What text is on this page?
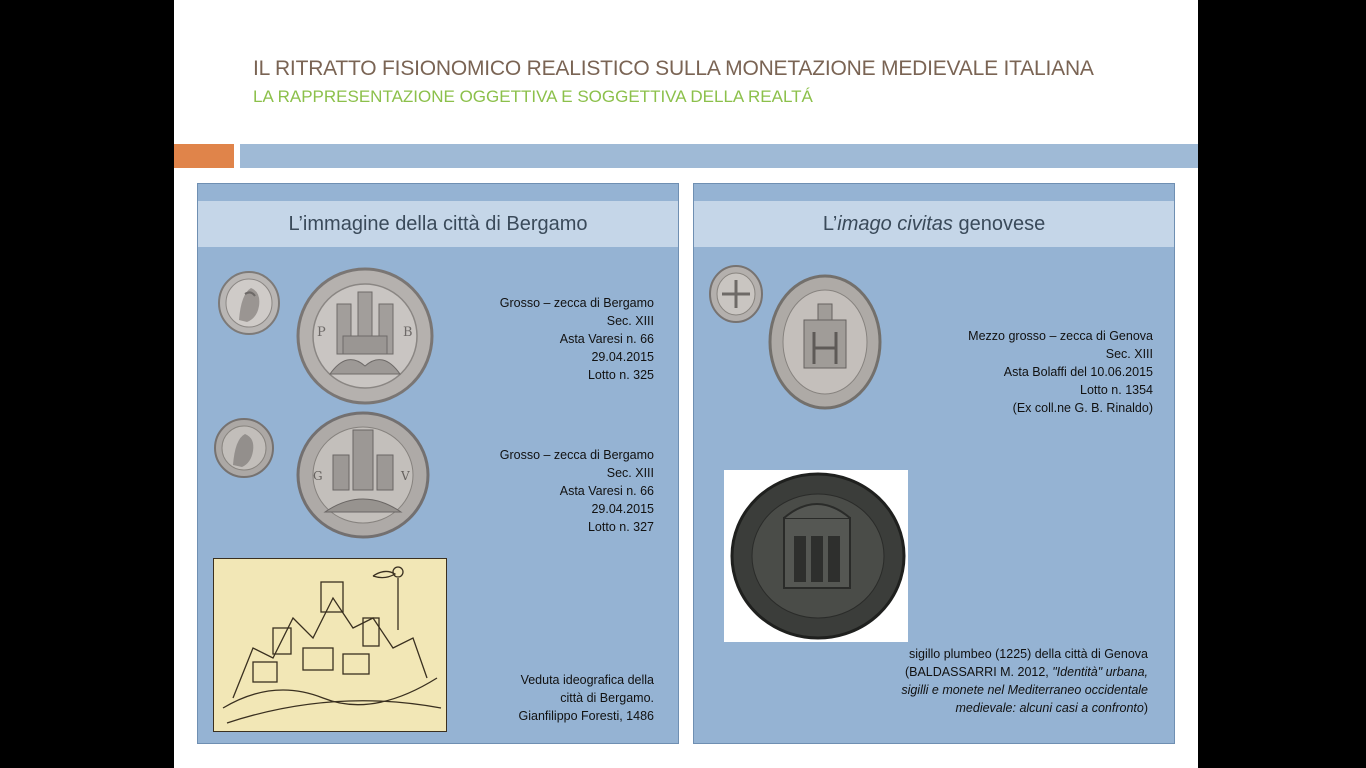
IL RITRATTO FISIONOMICO REALISTICO SULLA MONETAZIONE MEDIEVALE ITALIANA
LA RAPPRESENTAZIONE OGGETTIVA E SOGGETTIVA DELLA REALTÁ
L’immagine della città di Bergamo
P	B
Grosso – zecca di Bergamo
Sec. XIII
Asta Varesi n. 66
29.04.2015
Lotto n. 325
G	V
Grosso – zecca di Bergamo
Sec. XIII
Asta Varesi n. 66
29.04.2015
Lotto n. 327
Veduta ideografica della
città di Bergamo.
Gianfilippo Foresti, 1486
L’imago civitas genovese
Mezzo grosso – zecca di Genova
Sec. XIII
Asta Bolaffi del 10.06.2015
Lotto n. 1354
(Ex coll.ne G. B. Rinaldo)
sigillo plumbeo (1225) della città di Genova
(BALDASSARRI M. 2012, "Identità" urbana,
sigilli e monete nel Mediterraneo occidentale
medievale: alcuni casi a confronto)
